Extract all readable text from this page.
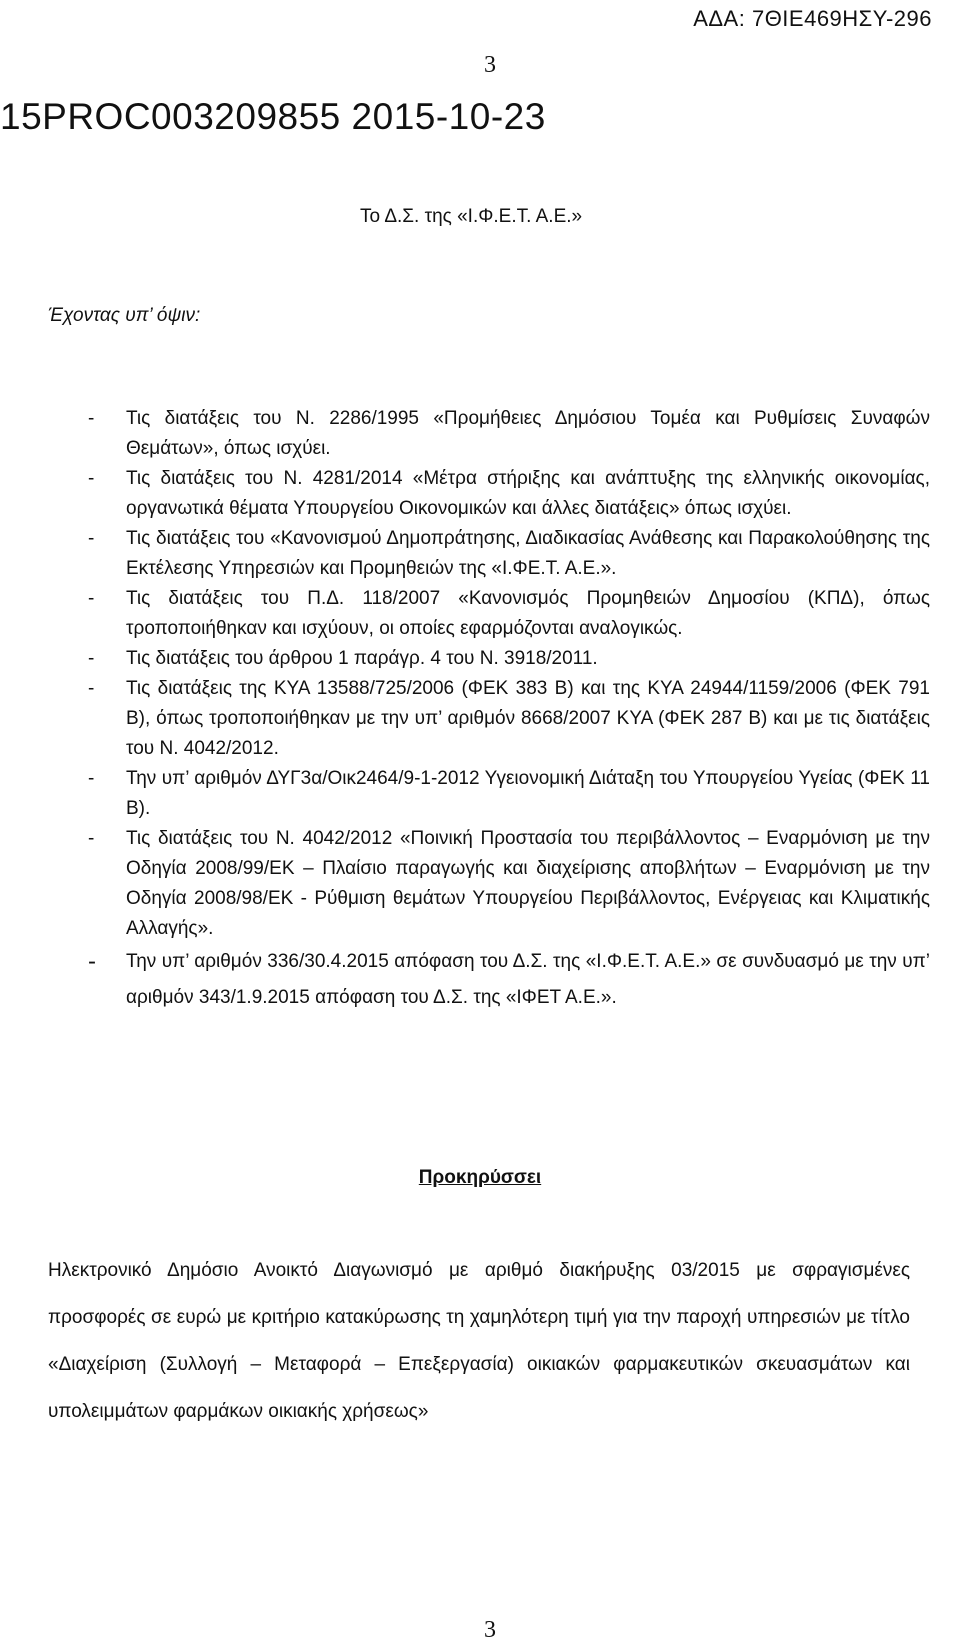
ΑΔΑ: 7ΘΙΕ469ΗΣΥ-296
3
15PROC003209855 2015-10-23
Το Δ.Σ. της «Ι.Φ.Ε.Τ. Α.Ε.»
Έχοντας υπ’ όψιν:

- Τις διατάξεις του Ν. 2286/1995 «Προμήθειες Δημόσιου Τομέα και Ρυθμίσεις Συναφών Θεμάτων», όπως ισχύει.

- Τις διατάξεις του Ν. 4281/2014 «Μέτρα στήριξης και ανάπτυξης της ελληνικής οικονομίας, οργανωτικά θέματα Υπουργείου Οικονομικών και άλλες διατάξεις» όπως ισχύει.

- Τις διατάξεις του «Κανονισμού Δημοπράτησης, Διαδικασίας Ανάθεσης και Παρακολούθησης της Εκτέλεσης Υπηρεσιών και Προμηθειών της «Ι.ΦΕ.Τ. Α.Ε.».

- Τις διατάξεις του Π.Δ. 118/2007 «Κανονισμός Προμηθειών Δημοσίου (ΚΠΔ), όπως τροποποιήθηκαν και ισχύουν, οι οποίες εφαρμόζονται αναλογικώς.

- Τις διατάξεις του άρθρου 1 παράγρ. 4 του Ν. 3918/2011.

- Τις διατάξεις της ΚΥΑ 13588/725/2006 (ΦΕΚ 383 Β) και της ΚΥΑ 24944/1159/2006 (ΦΕΚ 791 Β), όπως τροποποιήθηκαν με την υπ’ αριθμόν 8668/2007 ΚΥΑ (ΦΕΚ 287 Β) και με τις διατάξεις του Ν. 4042/2012.

- Την υπ’ αριθμόν ΔΥΓ3α/Οικ2464/9-1-2012 Υγειονομική Διάταξη του Υπουργείου Υγείας (ΦΕΚ 11 Β).

- Τις διατάξεις του Ν. 4042/2012 «Ποινική Προστασία του περιβάλλοντος – Εναρμόνιση με την Οδηγία 2008/99/ΕΚ – Πλαίσιο παραγωγής και διαχείρισης αποβλήτων – Εναρμόνιση με την Οδηγία 2008/98/ΕΚ - Ρύθμιση θεμάτων Υπουργείου Περιβάλλοντος, Ενέργειας και Κλιματικής Αλλαγής».

- Την υπ’ αριθμόν 336/30.4.2015 απόφαση του Δ.Σ. της «Ι.Φ.Ε.Τ. Α.Ε.» σε συνδυασμό με την υπ’ αριθμόν 343/1.9.2015 απόφαση του Δ.Σ. της «ΙΦΕΤ Α.Ε.».

Προκηρύσσει

Ηλεκτρονικό Δημόσιο Ανοικτό Διαγωνισμό με αριθμό διακήρυξης 03/2015 με σφραγισμένες προσφορές σε ευρώ με κριτήριο κατακύρωσης τη χαμηλότερη τιμή για την παροχή υπηρεσιών με τίτλο «Διαχείριση (Συλλογή – Μεταφορά – Επεξεργασία) οικιακών φαρμακευτικών σκευασμάτων και υπολειμμάτων φαρμάκων οικιακής χρήσεως»

3
